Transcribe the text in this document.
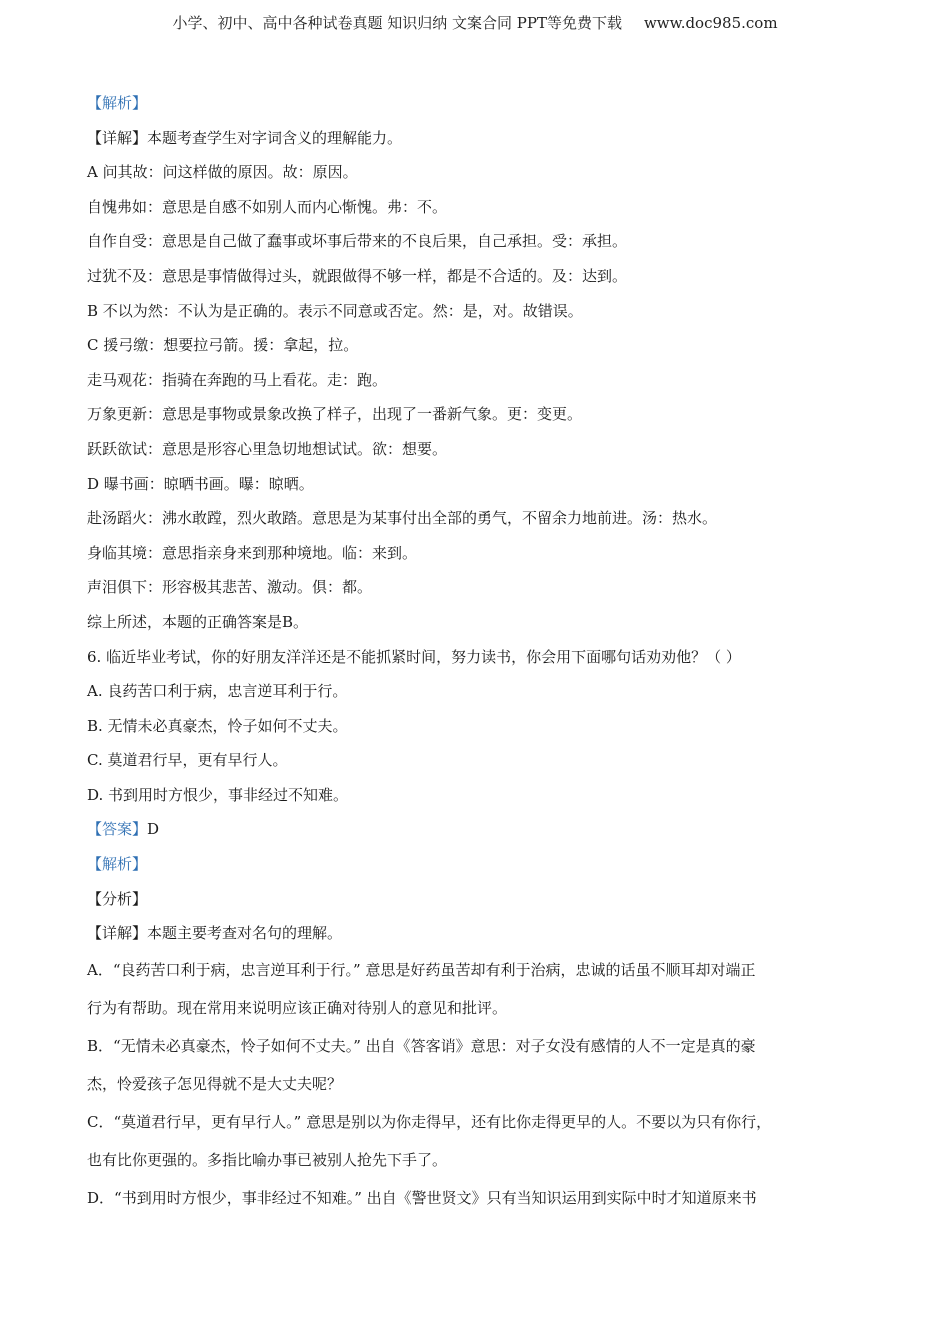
小学、初中、高中各种试卷真题 知识归纳 文案合同 PPT等免费下载 www.doc985.com
【解析】
【详解】本题考查学生对字词含义的理解能力。
A 问其故：问这样做的原因。故：原因。
自愧弗如：意思是自感不如别人而内心惭愧。弗：不。
自作自受：意思是自己做了蠢事或坏事后带来的不良后果，自己承担。受：承担。
过犹不及：意思是事情做得过头，就跟做得不够一样，都是不合适的。及：达到。
B 不以为然：不认为是正确的。表示不同意或否定。然：是，对。故错误。
C 援弓缴：想要拉弓箭。援：拿起，拉。
走马观花：指骑在奔跑的马上看花。走：跑。
万象更新：意思是事物或景象改换了样子，出现了一番新气象。更：变更。
跃跃欲试：意思是形容心里急切地想试试。欲：想要。
D 曝书画：晾晒书画。曝：晾晒。
赴汤蹈火：沸水敢蹚，烈火敢踏。意思是为某事付出全部的勇气，不留余力地前进。汤：热水。
身临其境：意思指亲身来到那种境地。临：来到。
声泪俱下：形容极其悲苦、激动。俱：都。
综上所述，本题的正确答案是B。
6. 临近毕业考试，你的好朋友洋洋还是不能抓紧时间，努力读书，你会用下面哪句话劝劝他？（ ）
A. 良药苦口利于病，忠言逆耳利于行。
B. 无情未必真豪杰，怜子如何不丈夫。
C. 莫道君行早，更有早行人。
D. 书到用时方恨少，事非经过不知难。
【答案】D
【解析】
【分析】
【详解】本题主要考查对名句的理解。
A．“良药苦口利于病，忠言逆耳利于行。” 意思是好药虽苦却有利于治病，忠诚的话虽不顺耳却对端正
行为有帮助。现在常用来说明应该正确对待别人的意见和批评。
B．“无情未必真豪杰，怜子如何不丈夫。” 出自《答客诮》意思：对子女没有感情的人不一定是真的豪
杰，怜爱孩子怎见得就不是大丈夫呢？
C．“莫道君行早，更有早行人。” 意思是别以为你走得早，还有比你走得更早的人。不要以为只有你行，
也有比你更强的。多指比喻办事已被别人抢先下手了。
D．“书到用时方恨少，事非经过不知难。” 出自《警世贤文》只有当知识运用到实际中时才知道原来书
